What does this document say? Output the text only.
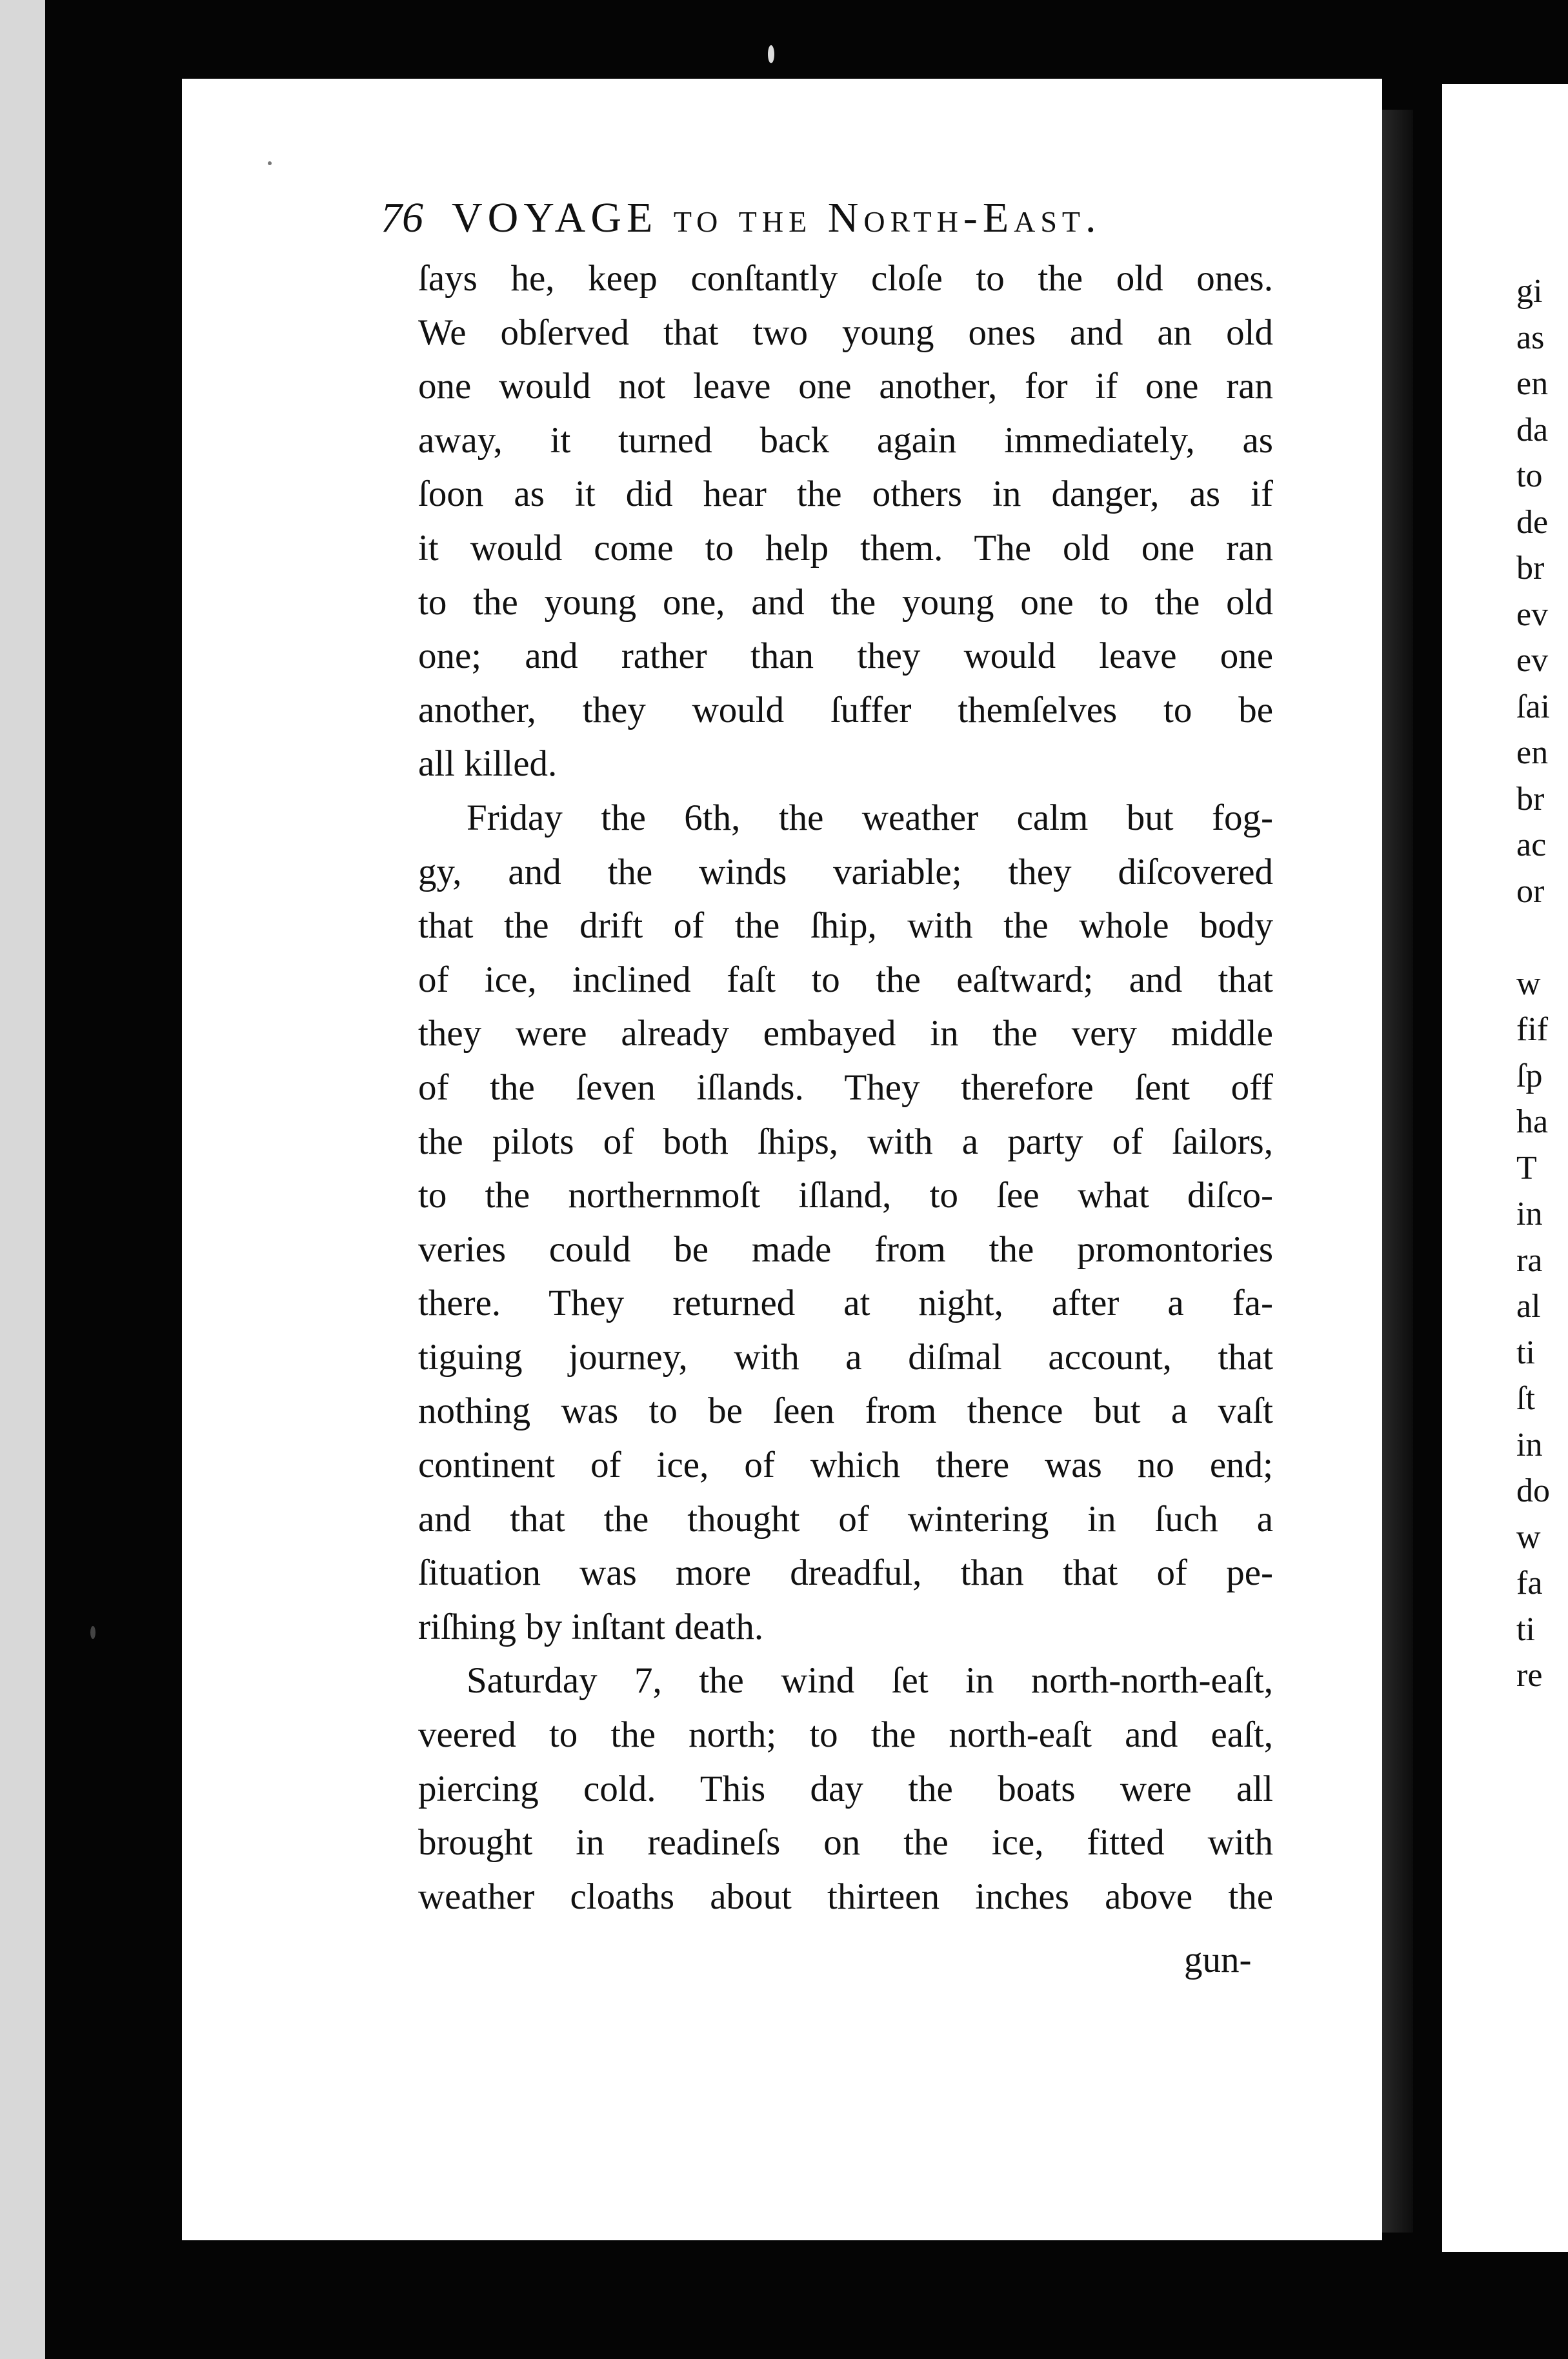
gi
as
en
da
to
de
br
ev
ev
ſai
en
br
ac
or
w
fif
ſp
ha
T
in
ra
al
ti
ſt
in
do
w
fa
ti
re
76 VOYAGE to the North-East.
ſays he, keep conſtantly cloſe to the old ones.
We obſerved that two young ones and an old
one would not leave one another, for if one ran
away, it turned back again immediately, as
ſoon as it did hear the others in danger, as if
it would come to help them. The old one ran
to the young one, and the young one to the old
one; and rather than they would leave one
another, they would ſuffer themſelves to be
all killed.
Friday the 6th, the weather calm but fog-
gy, and the winds variable; they diſcovered
that the drift of the ſhip, with the whole body
of ice, inclined faſt to the eaſtward; and that
they were already embayed in the very middle
of the ſeven iſlands. They therefore ſent off
the pilots of both ſhips, with a party of ſailors,
to the northernmoſt iſland, to ſee what diſco-
veries could be made from the promontories
there. They returned at night, after a fa-
tiguing journey, with a diſmal account, that
nothing was to be ſeen from thence but a vaſt
continent of ice, of which there was no end;
and that the thought of wintering in ſuch a
ſituation was more dreadful, than that of pe-
riſhing by inſtant death.
Saturday 7, the wind ſet in north-north-eaſt,
veered to the north; to the north-eaſt and eaſt,
piercing cold. This day the boats were all
brought in readineſs on the ice, fitted with
weather cloaths about thirteen inches above the
gun-
